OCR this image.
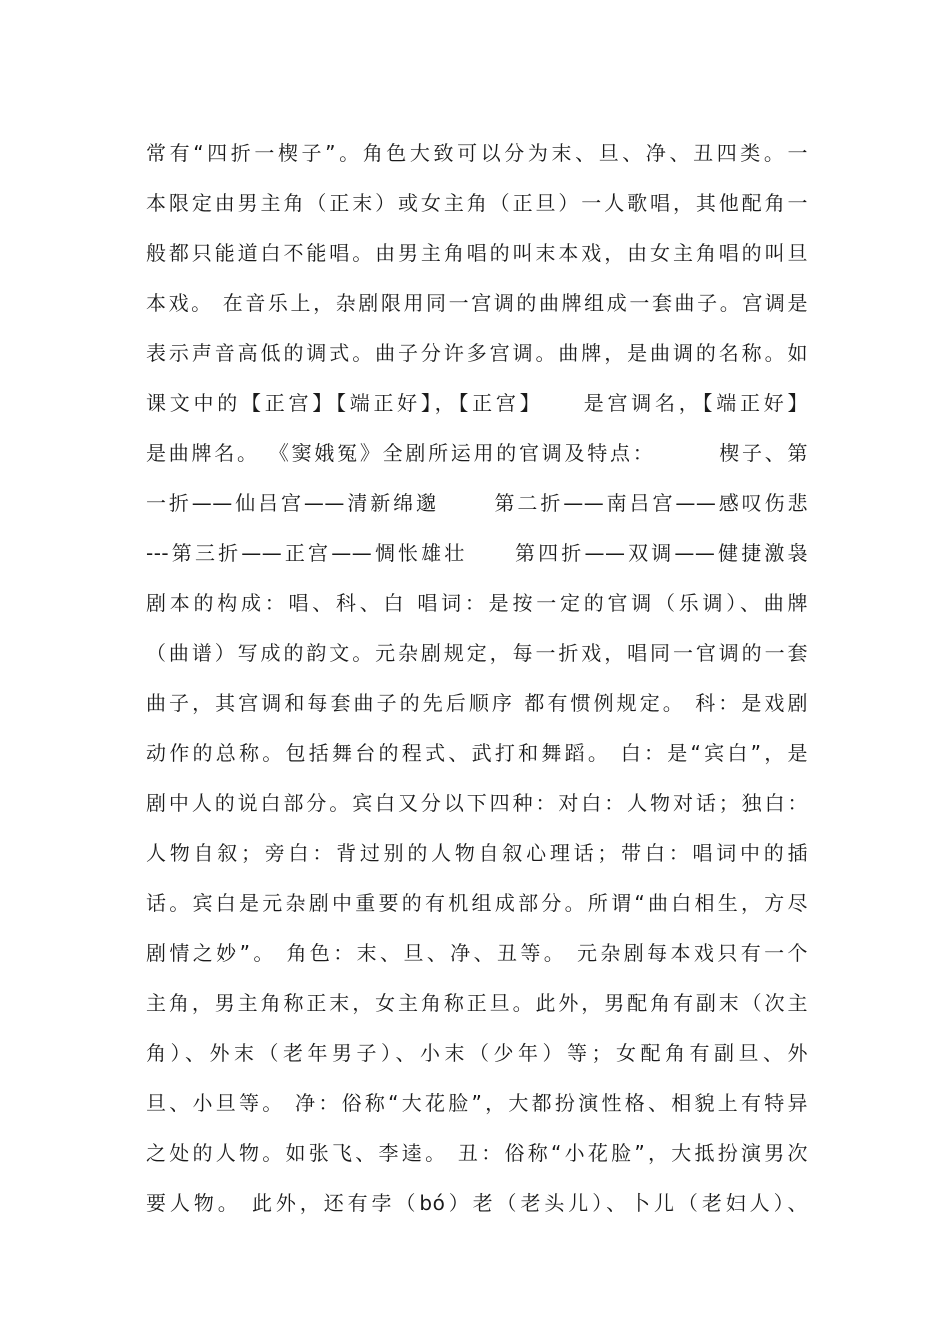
常有“四折一楔子”。角色大致可以分为末、旦、净、丑四类。一
本限定由男主角（正末）或女主角（正旦）一人歌唱，其他配角一
般都只能道白不能唱。由男主角唱的叫末本戏，由女主角唱的叫旦
本戏。 在音乐上，杂剧限用同一宫调的曲牌组成一套曲子。宫调是
表示声音高低的调式。曲子分许多宫调。曲牌，是曲调的名称。如
课文中的【正宫】【端正好】，【正宫】    是宫调名，【端正好】
是曲牌名。 《窦娥冤》全剧所运用的官调及特点：       楔子、第
一折——仙吕宫——清新绵邈      第二折——南吕宫——感叹伤悲
---第三折——正宫——惆怅雄壮     第四折——双调——健捷激袅
剧本的构成：唱、科、白 唱词：是按一定的官调（乐调）、曲牌
（曲谱）写成的韵文。元杂剧规定，每一折戏，唱同一官调的一套
曲子，其宫调和每套曲子的先后顺序 都有惯例规定。 科：是戏剧
动作的总称。包括舞台的程式、武打和舞蹈。 白：是“宾白”，是
剧中人的说白部分。宾白又分以下四种：对白：人物对话；独白：
人物自叙；旁白：背过别的人物自叙心理话；带白：唱词中的插
话。宾白是元杂剧中重要的有机组成部分。所谓“曲白相生，方尽
剧情之妙”。 角色：末、旦、净、丑等。 元杂剧每本戏只有一个
主角，男主角称正末，女主角称正旦。此外，男配角有副末（次主
角）、外末（老年男子）、小末（少年）等；女配角有副旦、外
旦、小旦等。 净：俗称“大花脸”，大都扮演性格、相貌上有特异
之处的人物。如张飞、李逵。 丑：俗称“小花脸”，大抵扮演男次
要人物。 此外，还有孛（bó）老（老头儿）、卜儿（老妇人）、
